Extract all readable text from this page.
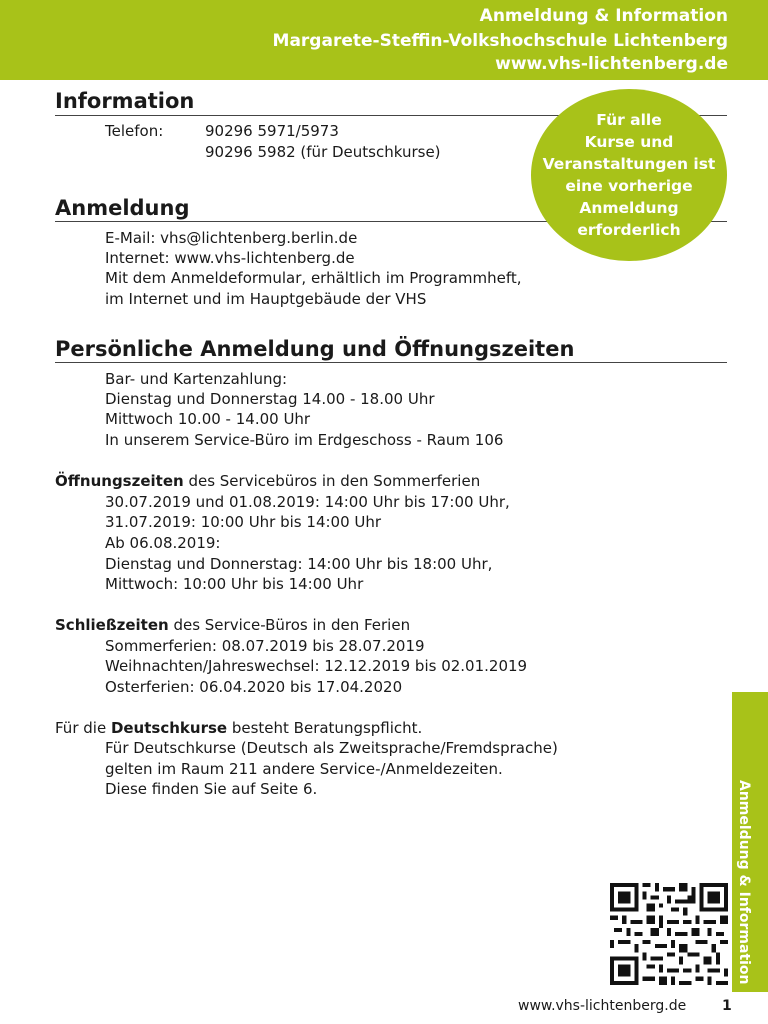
Anmeldung & Information
Margarete-Steffin-Volkshochschule Lichtenberg
www.vhs-lichtenberg.de
Information
Telefon:	90296 5971/5973
90296 5982 (für Deutschkurse)
Anmeldung
E-Mail: vhs@lichtenberg.berlin.de
Internet: www.vhs-lichtenberg.de
Mit dem Anmeldeformular, erhältlich im Programmheft,
im Internet und im Hauptgebäude der VHS
Für alle
Kurse und
Veranstaltungen ist
eine vorherige
Anmeldung
erforderlich
Persönliche Anmeldung und Öffnungszeiten
Bar- und Kartenzahlung:
Dienstag und Donnerstag 14.00 - 18.00 Uhr
Mittwoch 10.00 - 14.00 Uhr
In unserem Service-Büro im Erdgeschoss - Raum 106
Öffnungszeiten des Servicebüros in den Sommerferien
30.07.2019 und 01.08.2019: 14:00 Uhr bis 17:00 Uhr,
31.07.2019: 10:00 Uhr bis 14:00 Uhr
Ab 06.08.2019:
Dienstag und Donnerstag: 14:00 Uhr bis 18:00 Uhr,
Mittwoch: 10:00 Uhr bis 14:00 Uhr
Schließzeiten des Service-Büros in den Ferien
Sommerferien: 08.07.2019 bis 28.07.2019
Weihnachten/Jahreswechsel: 12.12.2019 bis 02.01.2019
Osterferien: 06.04.2020 bis 17.04.2020
Für die Deutschkurse besteht Beratungspflicht.
Für Deutschkurse (Deutsch als Zweitsprache/Fremdsprache)
gelten im Raum 211 andere Service-/Anmeldezeiten.
Diese finden Sie auf Seite 6.	Anmeldung & Information
www.vhs-lichtenberg.de	1
